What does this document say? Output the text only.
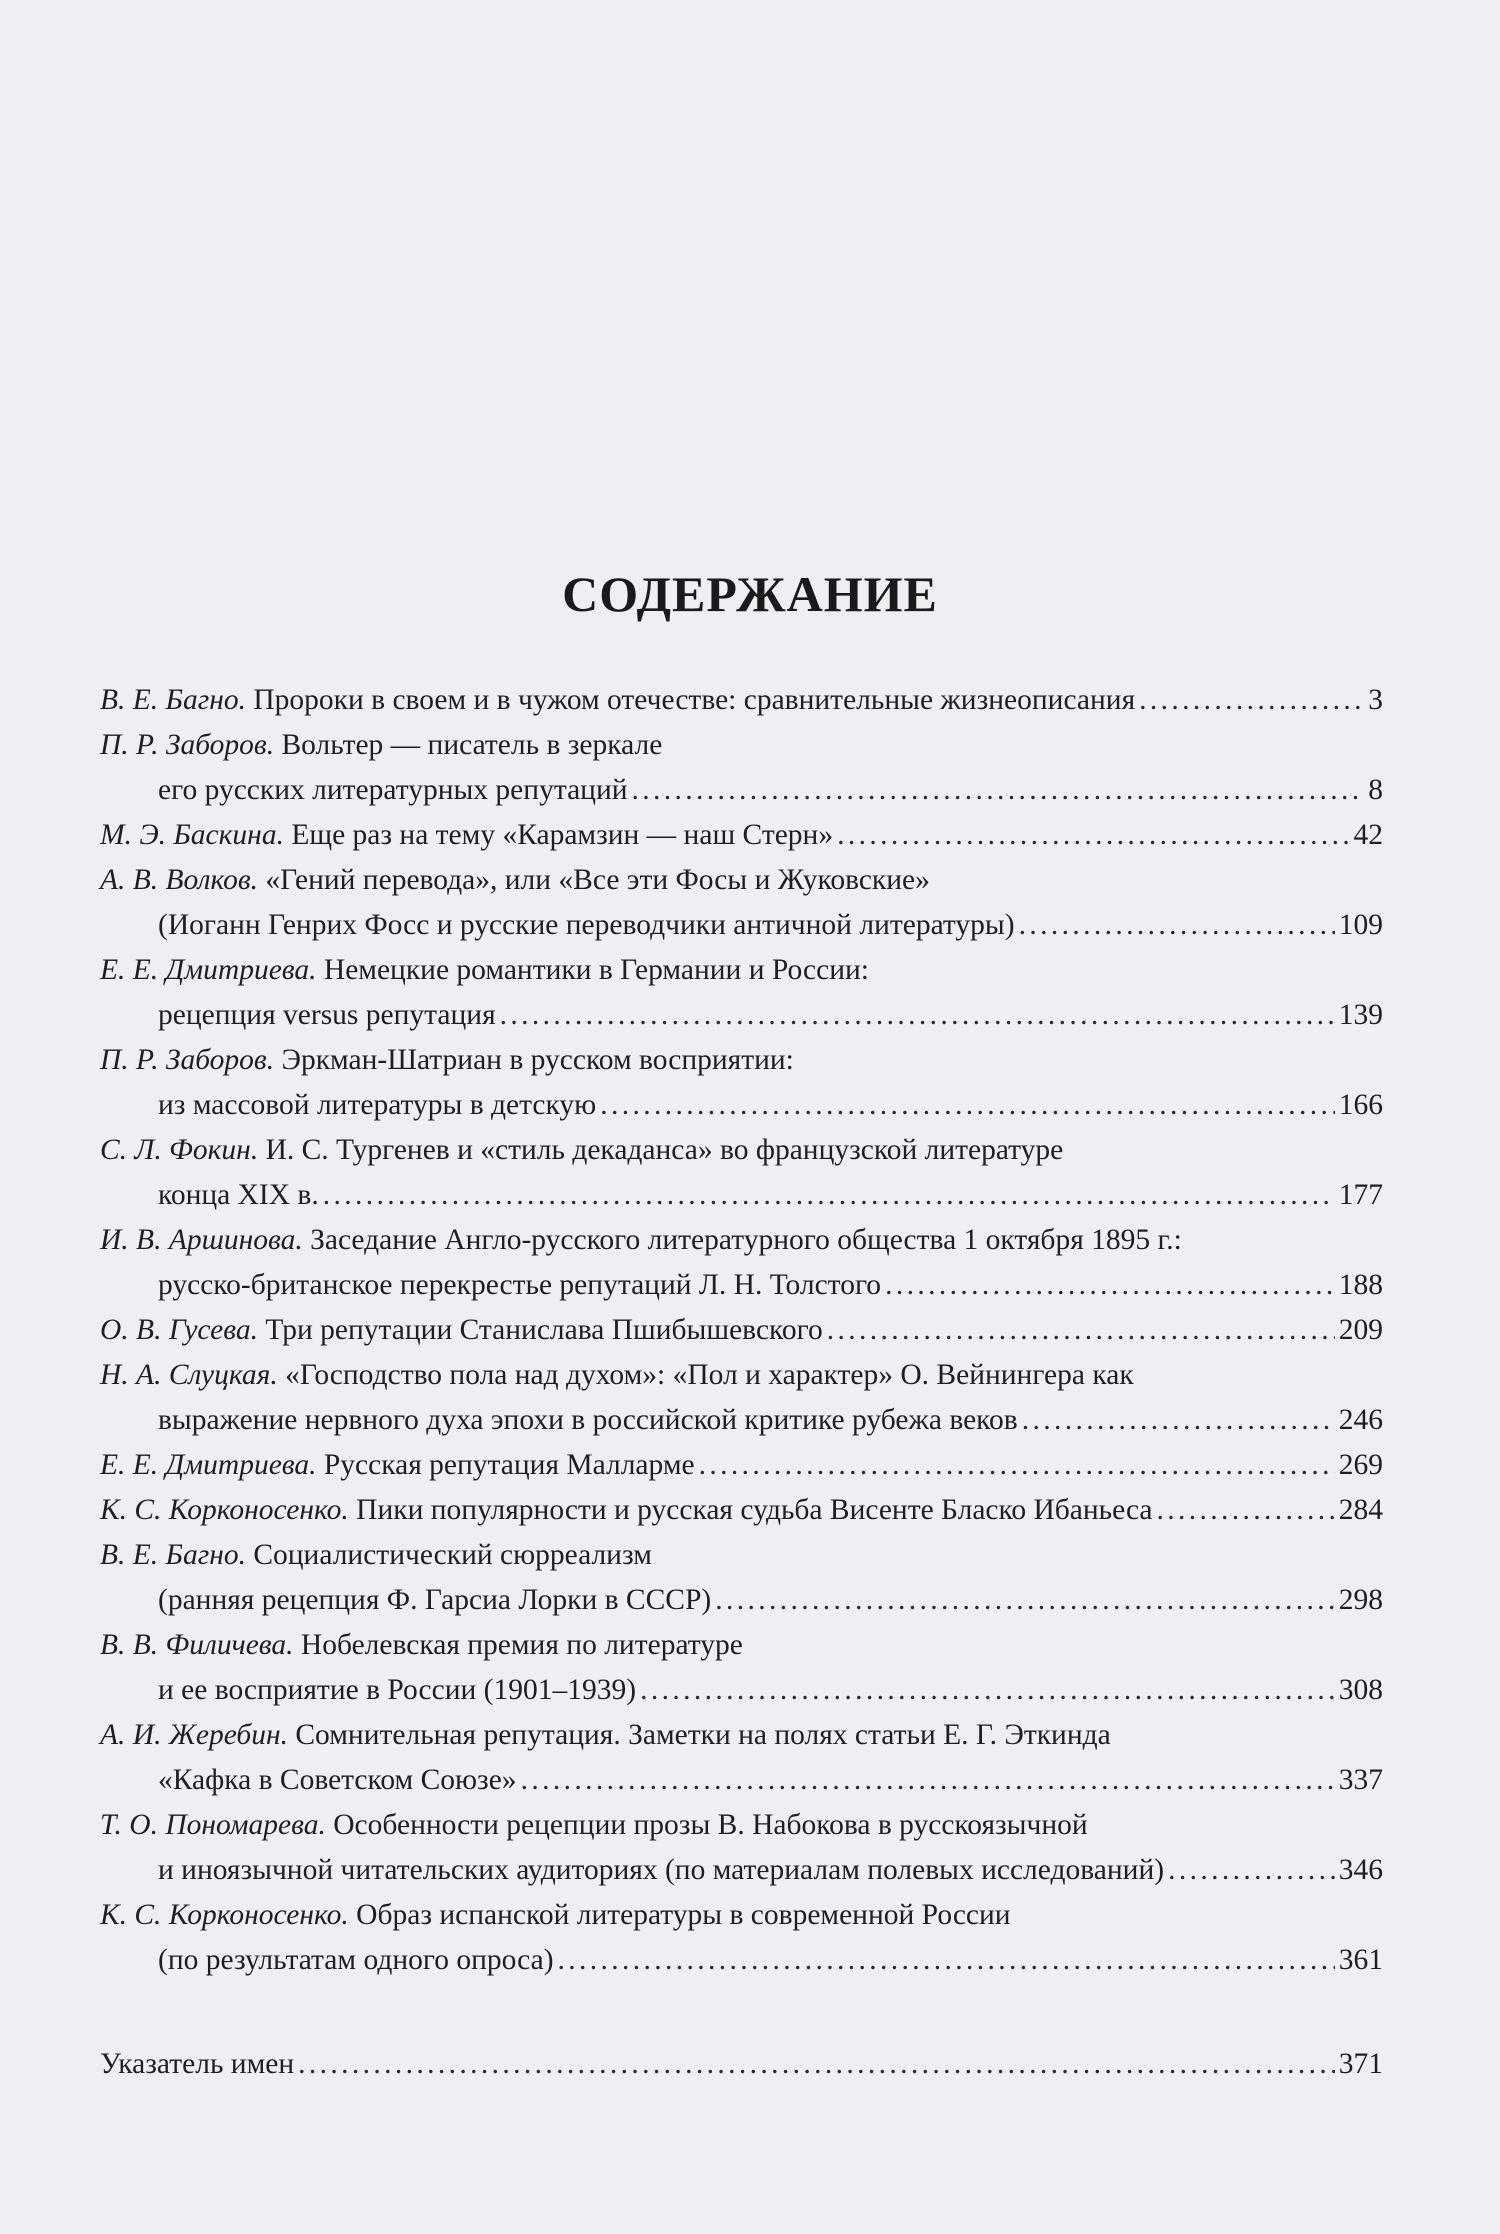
СОДЕРЖАНИЕ
В. Е. Багно. Пророки в своем и в чужом отечестве: сравнительные жизнеописания . . .	3
П. Р. Заборов. Вольтер — писатель в зеркале
его русских литературных репутаций . . .	8
М. Э. Баскина. Еще раз на тему «Карамзин — наш Стерн» . . .	42
А. В. Волков. «Гений перевода», или «Все эти Фосы и Жуковские»
(Иоганн Генрих Фосс и русские переводчики античной литературы) . . .	109
Е. Е. Дмитриева. Немецкие романтики в Германии и России:
рецепция versus репутация . . .	139
П. Р. Заборов. Эркман-Шатриан в русском восприятии:
из массовой литературы в детскую . . .	166
С. Л. Фокин. И. С. Тургенев и «стиль декаданса» во французской литературе
конца XIX в. . . .	177
И. В. Аршинова. Заседание Англо-русского литературного общества 1 октября 1895 г.:
русско-британское перекрестье репутаций Л. Н. Толстого . . .	188
О. В. Гусева. Три репутации Станислава Пшибышевского . . .	209
Н. А. Слуцкая. «Господство пола над духом»: «Пол и характер» О. Вейнингера как
выражение нервного духа эпохи в российской критике рубежа веков . . .	246
Е. Е. Дмитриева. Русская репутация Малларме . . .	269
К. С. Корконосенко. Пики популярности и русская судьба Висенте Бласко Ибаньеса . . .	284
В. Е. Багно. Социалистический сюрреализм
(ранняя рецепция Ф. Гарсиа Лорки в СССР) . . .	298
В. В. Филичева. Нобелевская премия по литературе
и ее восприятие в России (1901–1939) . . .	308
А. И. Жеребин. Сомнительная репутация. Заметки на полях статьи Е. Г. Эткинда
«Кафка в Советском Союзе» . . .	337
Т. О. Пономарева. Особенности рецепции прозы В. Набокова в русскоязычной
и иноязычной читательских аудиториях (по материалам полевых исследований) . . .	346
К. С. Корконосенко. Образ испанской литературы в современной России
(по результатам одного опроса) . . .	361
Указатель имен . . .	371
